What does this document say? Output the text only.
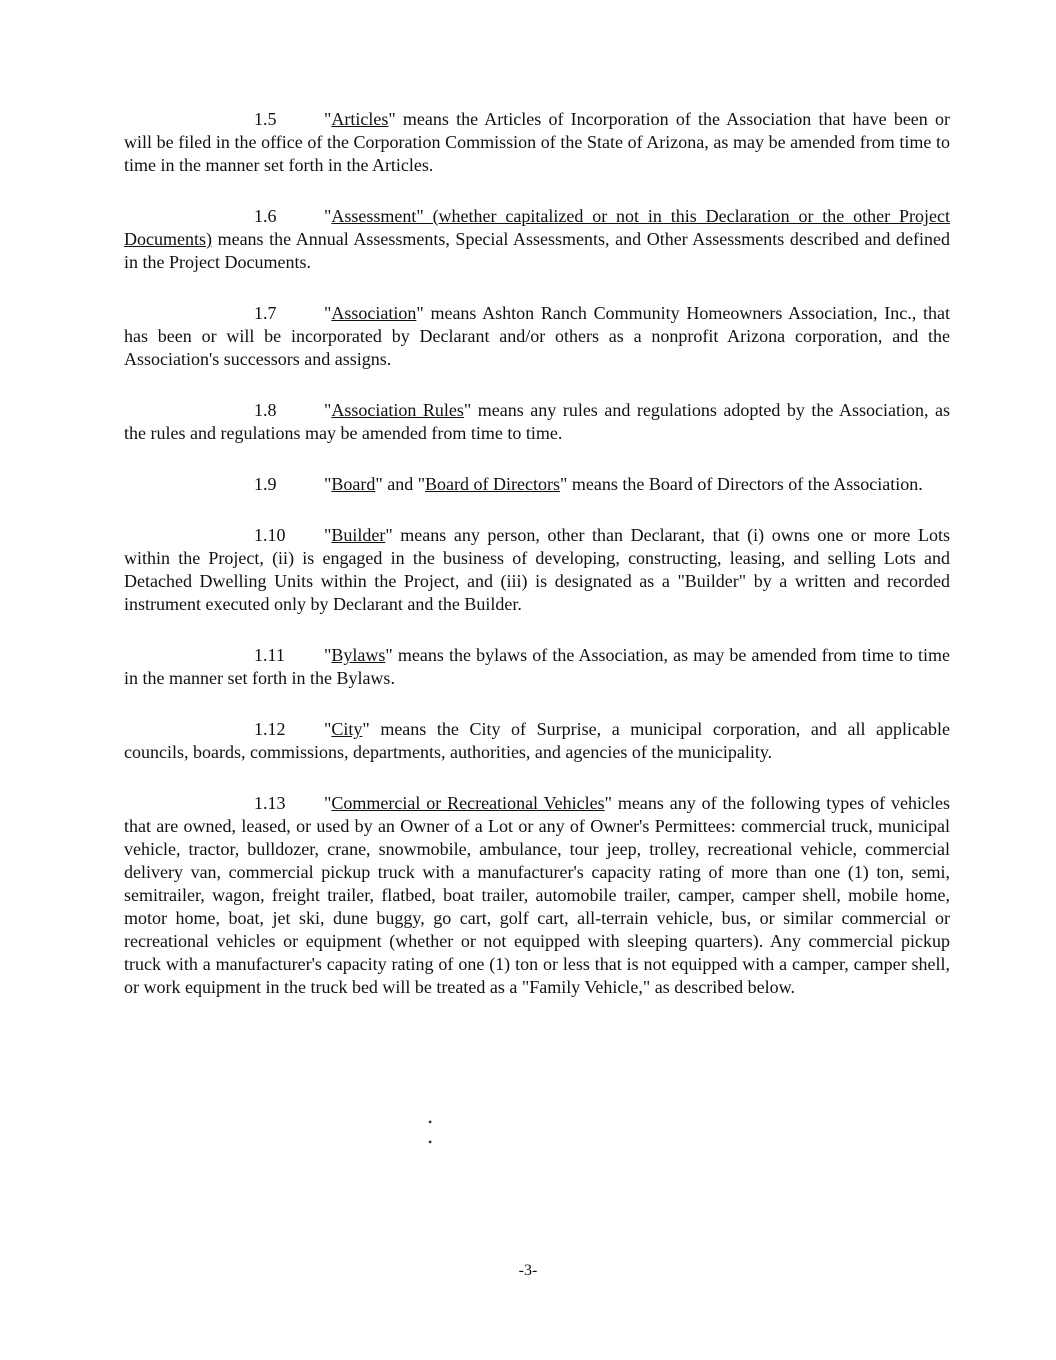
1.5	"Articles" means the Articles of Incorporation of the Association that have been or will be filed in the office of the Corporation Commission of the State of Arizona, as may be amended from time to time in the manner set forth in the Articles.

1.6	"Assessment" (whether capitalized or not in this Declaration or the other Project Documents) means the Annual Assessments, Special Assessments, and Other Assessments described and defined in the Project Documents.

1.7	"Association" means Ashton Ranch Community Homeowners Association, Inc., that has been or will be incorporated by Declarant and/or others as a nonprofit Arizona corporation, and the Association's successors and assigns.

1.8	"Association Rules" means any rules and regulations adopted by the Association, as the rules and regulations may be amended from time to time.

1.9	"Board" and "Board of Directors" means the Board of Directors of the Association.

1.10 "Builder" means any person, other than Declarant, that (i) owns one or more Lots within the Project, (ii) is engaged in the business of developing, constructing, leasing, and selling Lots and Detached Dwelling Units within the Project, and (iii) is designated as a "Builder" by a written and recorded instrument executed only by Declarant and the Builder.

1.11 "Bylaws" means the bylaws of the Association, as may be amended from time to time in the manner set forth in the Bylaws.

1.12 "City" means the City of Surprise, a municipal corporation, and all applicable councils, boards, commissions, departments, authorities, and agencies of the municipality.

1.13 "Commercial or Recreational Vehicles" means any of the following types of vehicles that are owned, leased, or used by an Owner of a Lot or any of Owner's Permittees: commercial truck, municipal vehicle, tractor, bulldozer, crane, snowmobile, ambulance, tour jeep, trolley, recreational vehicle, commercial delivery van, commercial pickup truck with a manufacturer's capacity rating of more than one (1) ton, semi, semitrailer, wagon, freight trailer, flatbed, boat trailer, automobile trailer, camper, camper shell, mobile home, motor home, boat, jet ski, dune buggy, go cart, golf cart, all-terrain vehicle, bus, or similar commercial or recreational vehicles or equipment (whether or not equipped with sleeping quarters). Any commercial pickup truck with a manufacturer's capacity rating of one (1) ton or less that is not equipped with a camper, camper shell, or work equipment in the truck bed will be treated as a "Family Vehicle," as described below.

•
•
-3-
